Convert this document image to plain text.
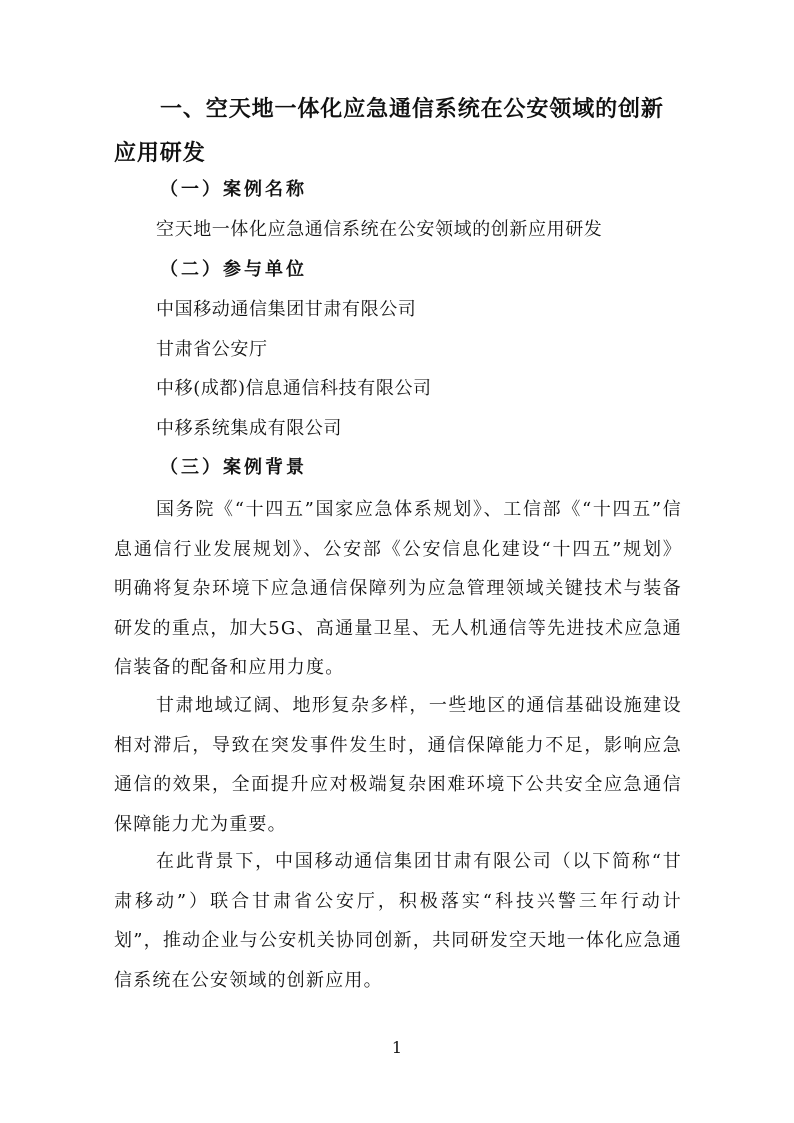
一、空天地一体化应急通信系统在公安领域的创新应用研发
（一）案例名称

空天地一体化应急通信系统在公安领域的创新应用研发

（二）参与单位

中国移动通信集团甘肃有限公司

甘肃省公安厅

中移(成都)信息通信科技有限公司

中移系统集成有限公司

（三）案例背景

国务院《“十四五”国家应急体系规划》、工信部《“十四五”信息通信行业发展规划》、公安部《公安信息化建设“十四五”规划》明确将复杂环境下应急通信保障列为应急管理领域关键技术与装备研发的重点，加大5G、高通量卫星、无人机通信等先进技术应急通信装备的配备和应用力度。

甘肃地域辽阔、地形复杂多样，一些地区的通信基础设施建设相对滞后，导致在突发事件发生时，通信保障能力不足，影响应急通信的效果，全面提升应对极端复杂困难环境下公共安全应急通信保障能力尤为重要。

在此背景下，中国移动通信集团甘肃有限公司（以下简称“甘肃移动”）联合甘肃省公安厅，积极落实“科技兴警三年行动计划”，推动企业与公安机关协同创新，共同研发空天地一体化应急通信系统在公安领域的创新应用。

1
